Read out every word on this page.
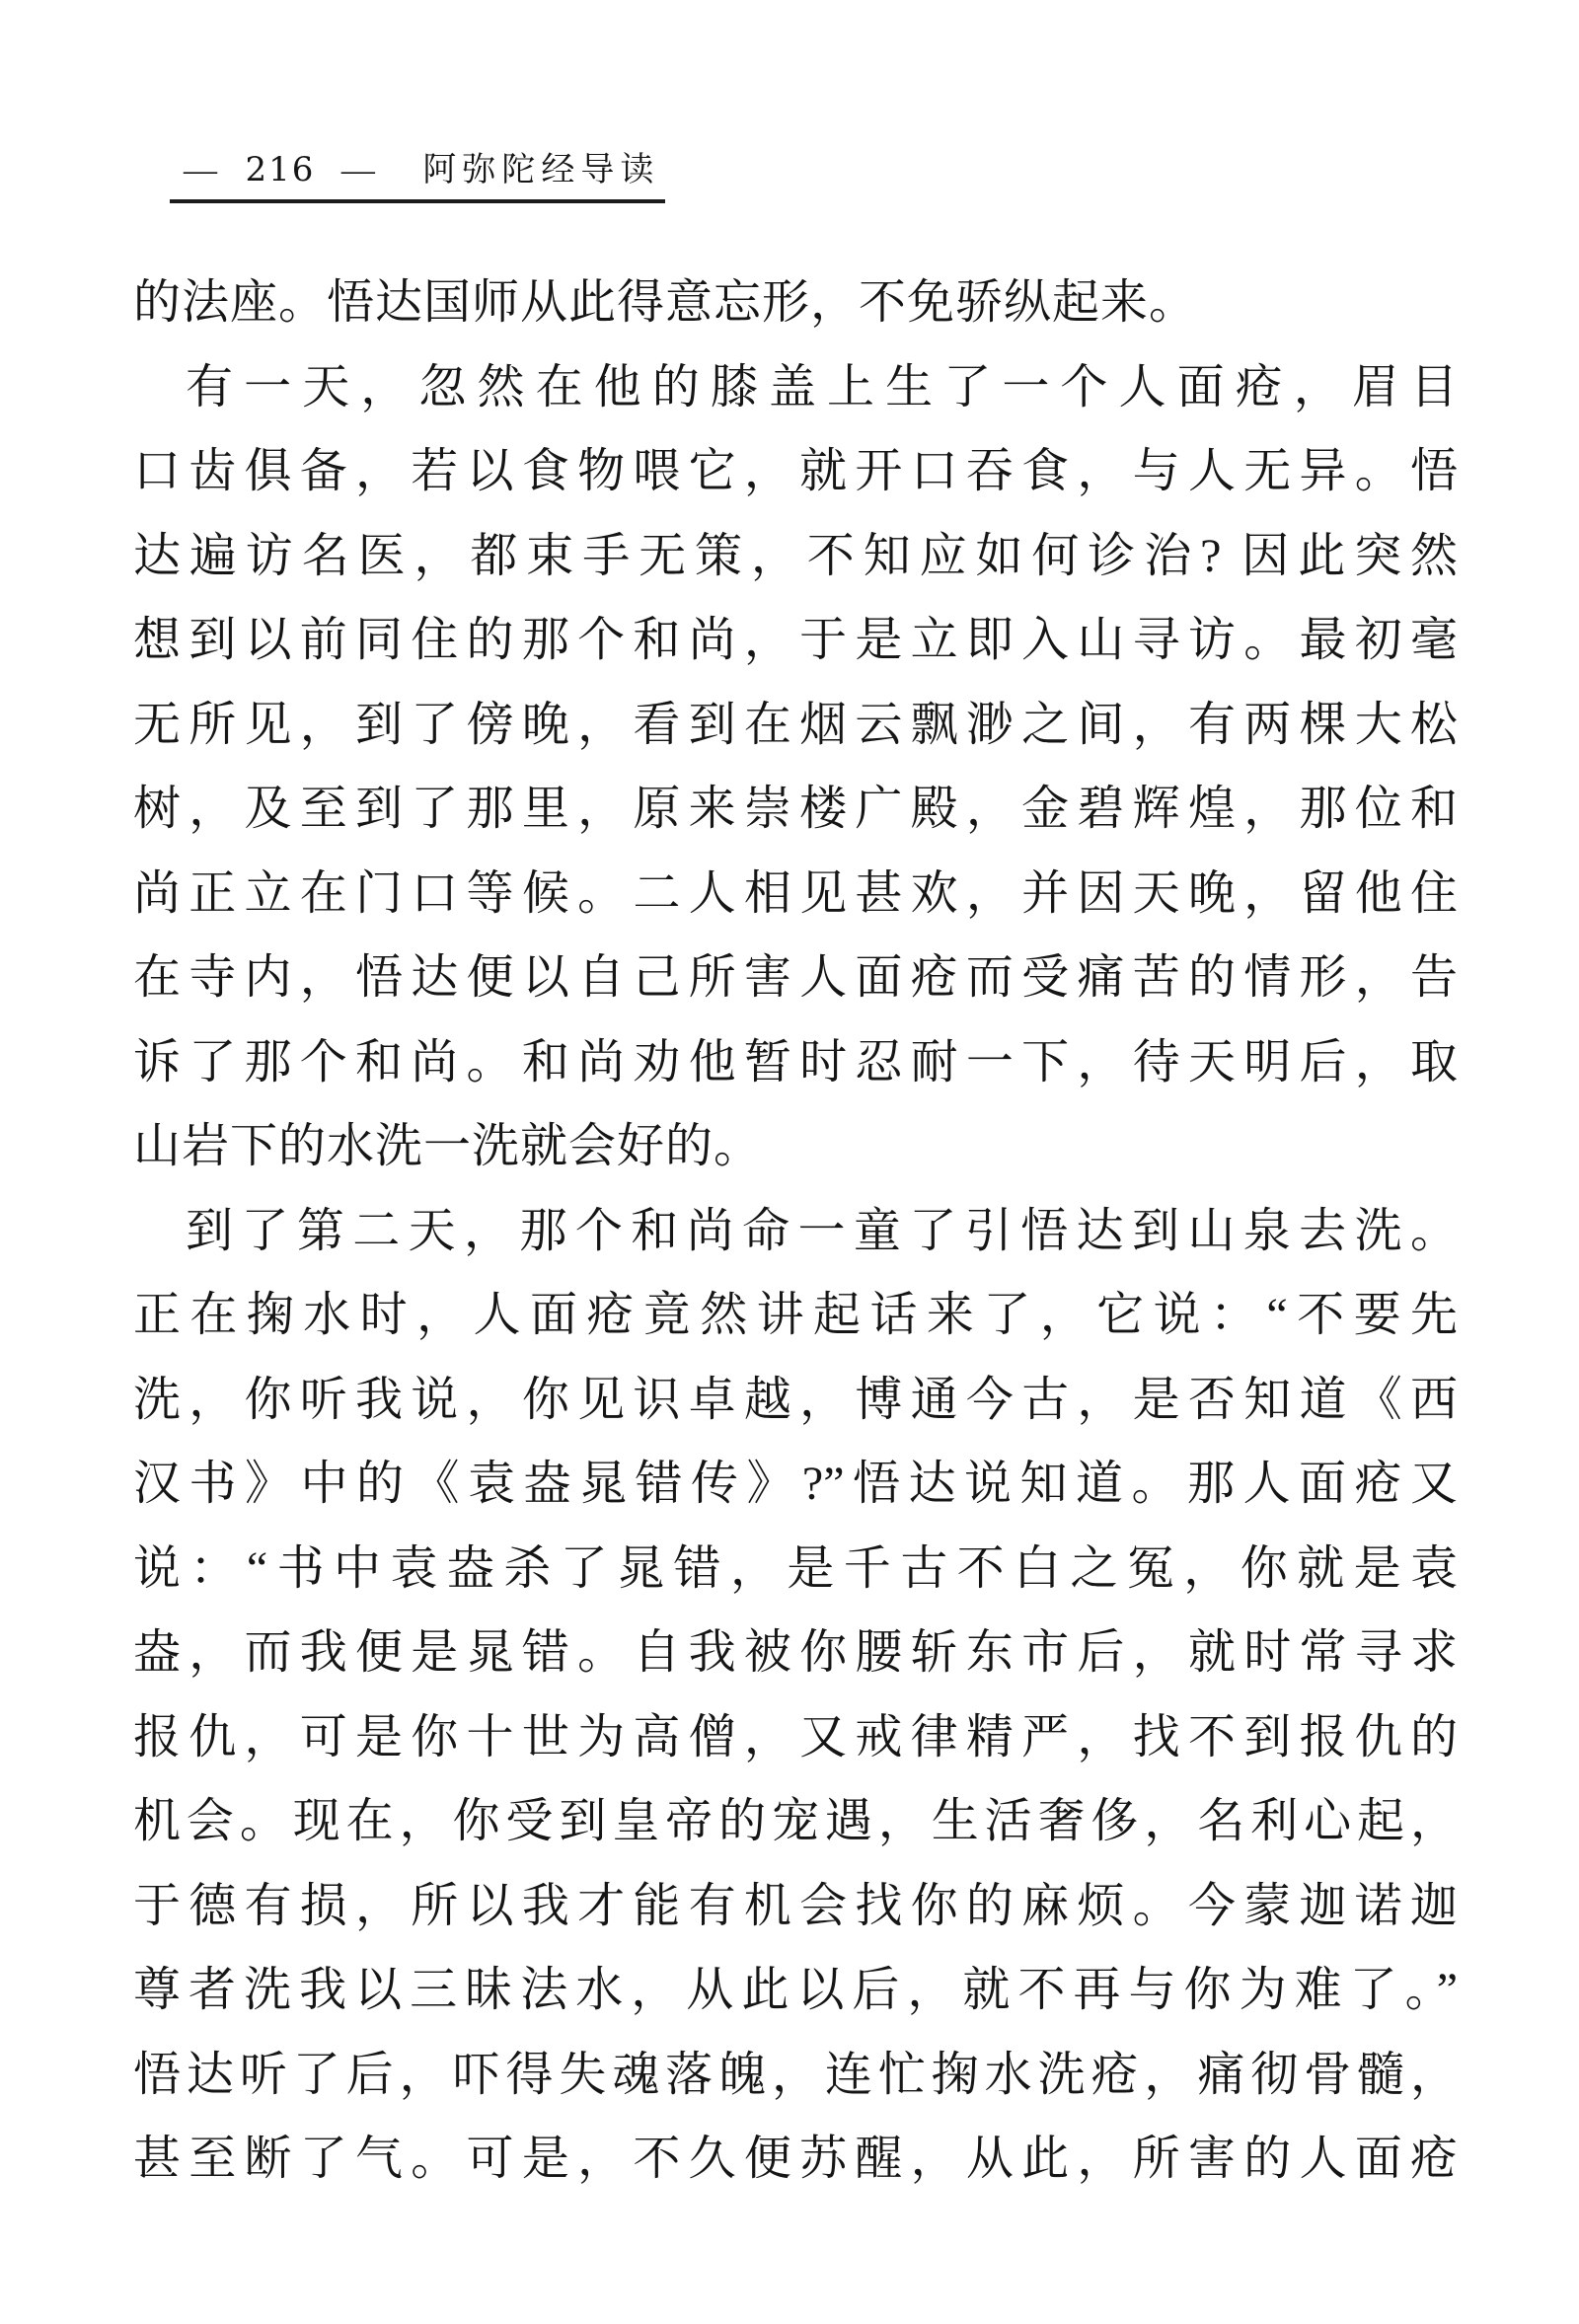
— 216 — 阿弥陀经导读
的法座。悟达国师从此得意忘形，不免骄纵起来。
有一天，忽然在他的膝盖上生了一个人面疮，眉目
口齿俱备，若以食物喂它，就开口吞食，与人无异。悟
达遍访名医，都束手无策，不知应如何诊治? 因此突然
想到以前同住的那个和尚，于是立即入山寻访。最初毫
无所见，到了傍晚，看到在烟云飘渺之间，有两棵大松
树，及至到了那里，原来崇楼广殿，金碧辉煌，那位和
尚正立在门口等候。二人相见甚欢，并因天晚，留他住
在寺内，悟达便以自己所害人面疮而受痛苦的情形，告
诉了那个和尚。和尚劝他暂时忍耐一下，待天明后，取
山岩下的水洗一洗就会好的。
到了第二天，那个和尚命一童了引悟达到山泉去洗。
正在掬水时，人面疮竟然讲起话来了，它说：“不要先
洗，你听我说，你见识卓越，博通今古，是否知道《西
汉书》中的《袁盎晁错传》?”悟达说知道。那人面疮又
说：“书中袁盎杀了晁错，是千古不白之冤，你就是袁
盎，而我便是晁错。自我被你腰斩东市后，就时常寻求
报仇，可是你十世为高僧，又戒律精严，找不到报仇的
机会。现在，你受到皇帝的宠遇，生活奢侈，名利心起，
于德有损，所以我才能有机会找你的麻烦。今蒙迦诺迦
尊者洗我以三昧法水，从此以后，就不再与你为难了。”
悟达听了后，吓得失魂落魄，连忙掬水洗疮，痛彻骨髓，
甚至断了气。可是，不久便苏醒，从此，所害的人面疮
